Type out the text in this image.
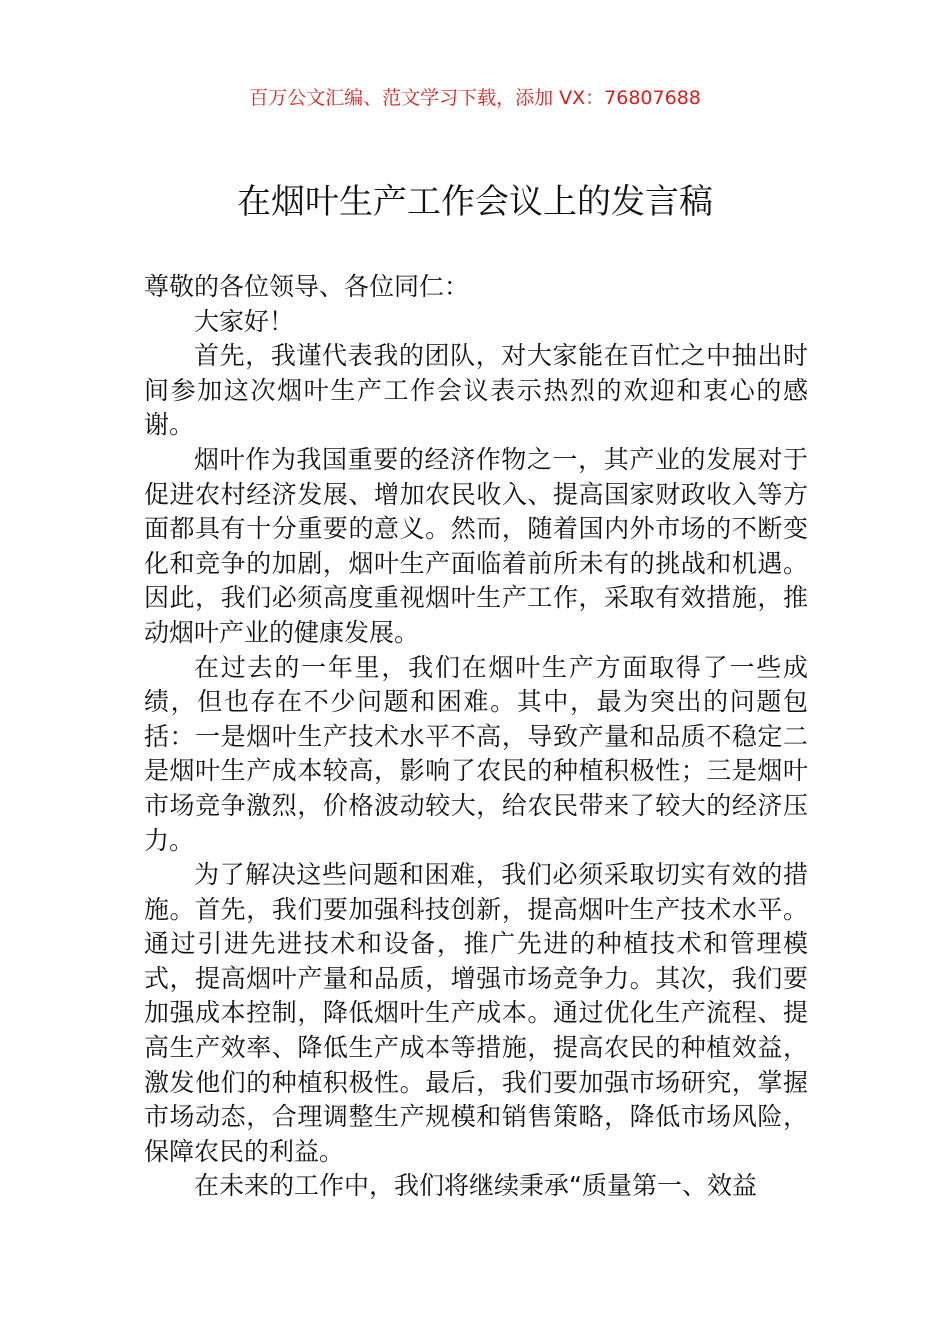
百万公文汇编、范文学习下载，添加 VX：76807688
在烟叶生产工作会议上的发言稿

尊敬的各位领导、各位同仁：

大家好！

首先，我谨代表我的团队，对大家能在百忙之中抽出时间参加这次烟叶生产工作会议表示热烈的欢迎和衷心的感谢。

烟叶作为我国重要的经济作物之一，其产业的发展对于促进农村经济发展、增加农民收入、提高国家财政收入等方面都具有十分重要的意义。然而，随着国内外市场的不断变化和竞争的加剧，烟叶生产面临着前所未有的挑战和机遇。因此，我们必须高度重视烟叶生产工作，采取有效措施，推动烟叶产业的健康发展。

在过去的一年里，我们在烟叶生产方面取得了一些成绩，但也存在不少问题和困难。其中，最为突出的问题包括：一是烟叶生产技术水平不高，导致产量和品质不稳定二是烟叶生产成本较高，影响了农民的种植积极性；三是烟叶市场竞争激烈，价格波动较大，给农民带来了较大的经济压力。

为了解决这些问题和困难，我们必须采取切实有效的措施。首先，我们要加强科技创新，提高烟叶生产技术水平。通过引进先进技术和设备，推广先进的种植技术和管理模式，提高烟叶产量和品质，增强市场竞争力。其次，我们要加强成本控制，降低烟叶生产成本。通过优化生产流程、提高生产效率、降低生产成本等措施，提高农民的种植效益，激发他们的种植积极性。最后，我们要加强市场研究，掌握市场动态，合理调整生产规模和销售策略，降低市场风险，保障农民的利益。

在未来的工作中，我们将继续秉承“质量第一、效益
